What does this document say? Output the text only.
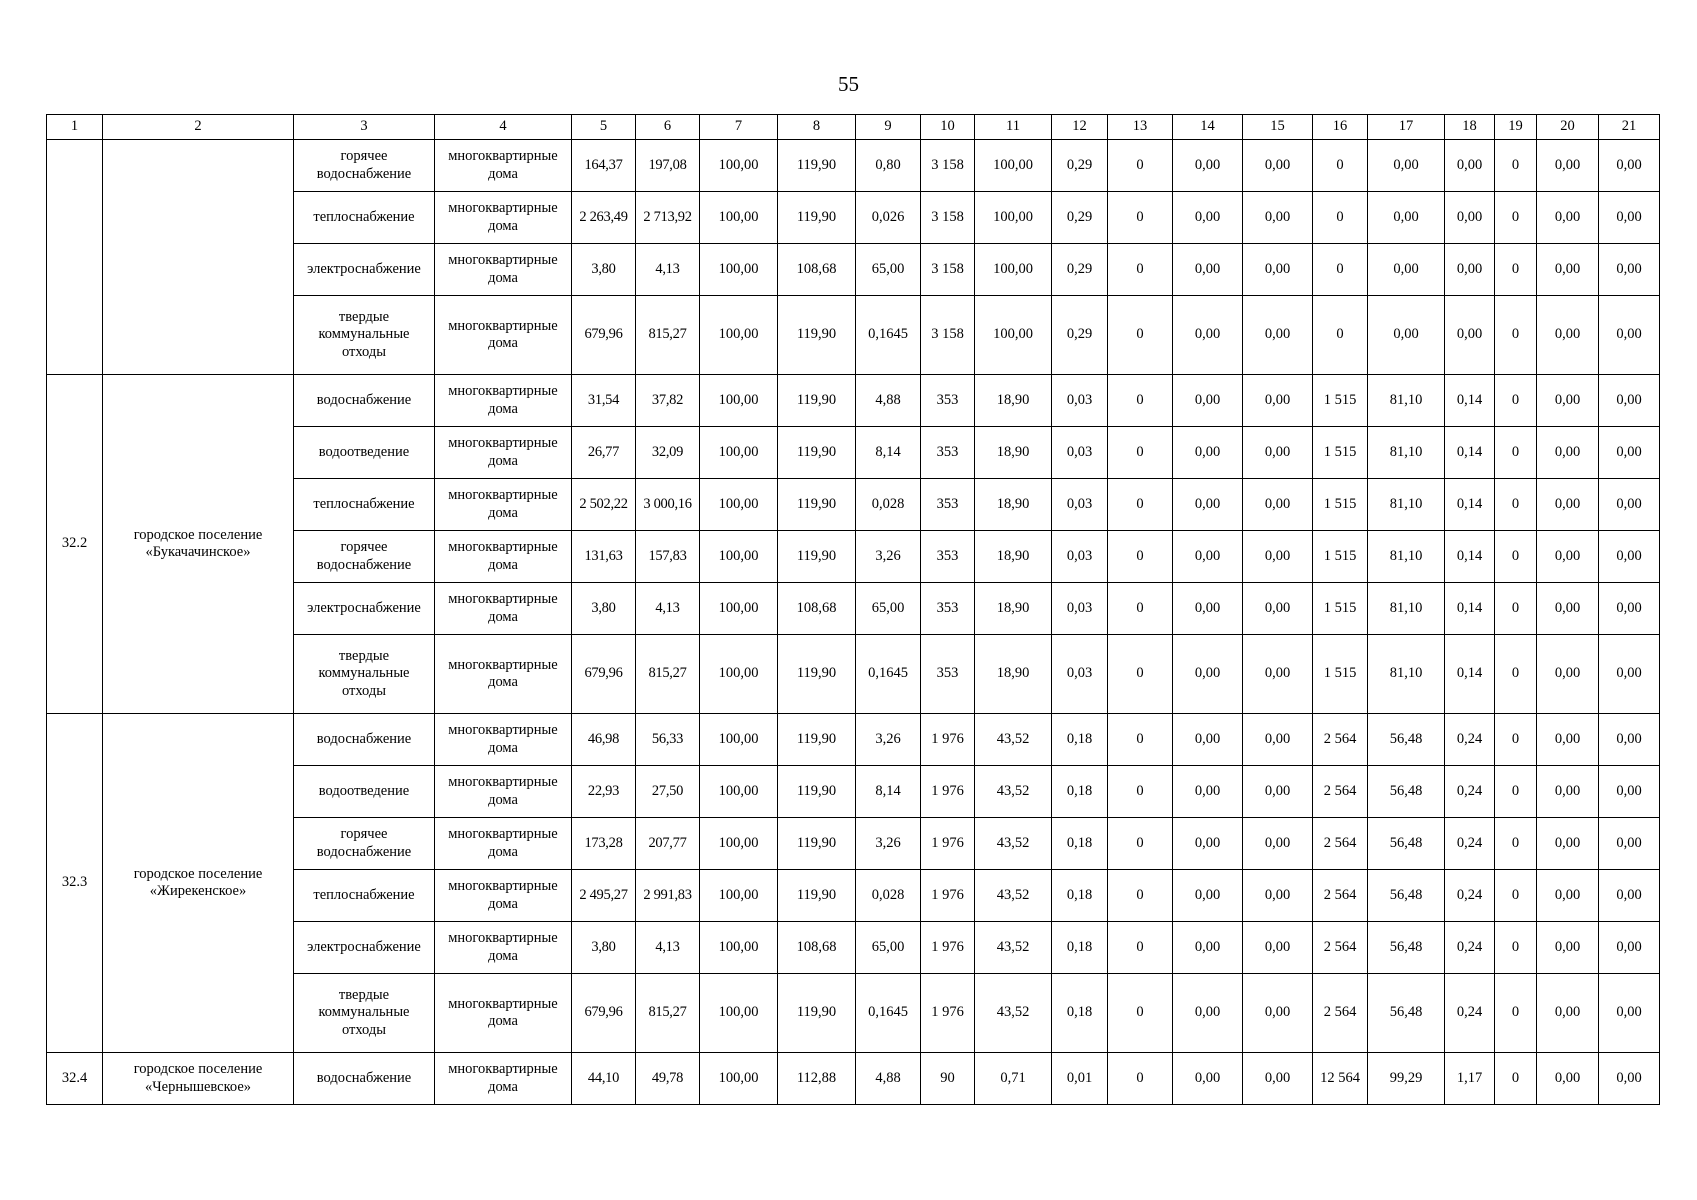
55
1	2	3	4	5	6	7	8	9	10	11	12	13	14	15	16	17	18	19	20	21
		горячее водоснабжение	многоквартирные дома	164,37	197,08	100,00	119,90	0,80	3 158	100,00	0,29	0	0,00	0,00	0	0,00	0,00	0	0,00	0,00
		теплоснабжение	многоквартирные дома	2 263,49	2 713,92	100,00	119,90	0,026	3 158	100,00	0,29	0	0,00	0,00	0	0,00	0,00	0	0,00	0,00
		электроснабжение	многоквартирные дома	3,80	4,13	100,00	108,68	65,00	3 158	100,00	0,29	0	0,00	0,00	0	0,00	0,00	0	0,00	0,00
		твердые коммунальные отходы	многоквартирные дома	679,96	815,27	100,00	119,90	0,1645	3 158	100,00	0,29	0	0,00	0,00	0	0,00	0,00	0	0,00	0,00
32.2	городское поселение «Букачачинское»	водоснабжение	многоквартирные дома	31,54	37,82	100,00	119,90	4,88	353	18,90	0,03	0	0,00	0,00	1 515	81,10	0,14	0	0,00	0,00
		водоотведение	многоквартирные дома	26,77	32,09	100,00	119,90	8,14	353	18,90	0,03	0	0,00	0,00	1 515	81,10	0,14	0	0,00	0,00
		теплоснабжение	многоквартирные дома	2 502,22	3 000,16	100,00	119,90	0,028	353	18,90	0,03	0	0,00	0,00	1 515	81,10	0,14	0	0,00	0,00
		горячее водоснабжение	многоквартирные дома	131,63	157,83	100,00	119,90	3,26	353	18,90	0,03	0	0,00	0,00	1 515	81,10	0,14	0	0,00	0,00
		электроснабжение	многоквартирные дома	3,80	4,13	100,00	108,68	65,00	353	18,90	0,03	0	0,00	0,00	1 515	81,10	0,14	0	0,00	0,00
		твердые коммунальные отходы	многоквартирные дома	679,96	815,27	100,00	119,90	0,1645	353	18,90	0,03	0	0,00	0,00	1 515	81,10	0,14	0	0,00	0,00
32.3	городское поселение «Жирекенское»	водоснабжение	многоквартирные дома	46,98	56,33	100,00	119,90	3,26	1 976	43,52	0,18	0	0,00	0,00	2 564	56,48	0,24	0	0,00	0,00
		водоотведение	многоквартирные дома	22,93	27,50	100,00	119,90	8,14	1 976	43,52	0,18	0	0,00	0,00	2 564	56,48	0,24	0	0,00	0,00
		горячее водоснабжение	многоквартирные дома	173,28	207,77	100,00	119,90	3,26	1 976	43,52	0,18	0	0,00	0,00	2 564	56,48	0,24	0	0,00	0,00
		теплоснабжение	многоквартирные дома	2 495,27	2 991,83	100,00	119,90	0,028	1 976	43,52	0,18	0	0,00	0,00	2 564	56,48	0,24	0	0,00	0,00
		электроснабжение	многоквартирные дома	3,80	4,13	100,00	108,68	65,00	1 976	43,52	0,18	0	0,00	0,00	2 564	56,48	0,24	0	0,00	0,00
		твердые коммунальные отходы	многоквартирные дома	679,96	815,27	100,00	119,90	0,1645	1 976	43,52	0,18	0	0,00	0,00	2 564	56,48	0,24	0	0,00	0,00
32.4	городское поселение «Чернышевское»	водоснабжение	многоквартирные дома	44,10	49,78	100,00	112,88	4,88	90	0,71	0,01	0	0,00	0,00	12 564	99,29	1,17	0	0,00	0,00
